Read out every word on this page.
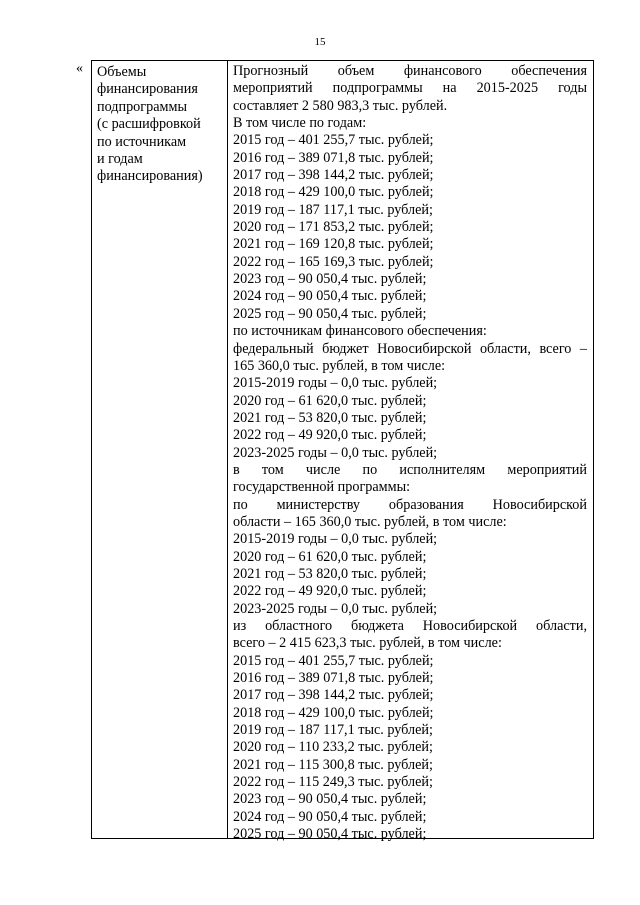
15
« Объемы
финансирования
подпрограммы
(с расшифровкой
по источникам
и годам
финансирования)
Прогнозный объем финансового обеспечения
мероприятий подпрограммы на 2015-2025 годы
составляет 2 580 983,3 тыс. рублей.
В том числе по годам:
2015 год – 401 255,7 тыс. рублей;
2016 год – 389 071,8 тыс. рублей;
2017 год – 398 144,2 тыс. рублей;
2018 год – 429 100,0 тыс. рублей;
2019 год – 187 117,1 тыс. рублей;
2020 год – 171 853,2 тыс. рублей;
2021 год – 169 120,8 тыс. рублей;
2022 год – 165 169,3 тыс. рублей;
2023 год – 90 050,4 тыс. рублей;
2024 год – 90 050,4 тыс. рублей;
2025 год – 90 050,4 тыс. рублей;
по источникам финансового обеспечения:
федеральный бюджет Новосибирской области, всего –
165 360,0 тыс. рублей, в том числе:
2015-2019 годы – 0,0 тыс. рублей;
2020 год – 61 620,0 тыс. рублей;
2021 год – 53 820,0 тыс. рублей;
2022 год – 49 920,0 тыс. рублей;
2023-2025 годы – 0,0 тыс. рублей;
в том числе по исполнителям мероприятий
государственной программы:
по министерству образования Новосибирской
области – 165 360,0 тыс. рублей, в том числе:
2015-2019 годы – 0,0 тыс. рублей;
2020 год – 61 620,0 тыс. рублей;
2021 год – 53 820,0 тыс. рублей;
2022 год – 49 920,0 тыс. рублей;
2023-2025 годы – 0,0 тыс. рублей;
из областного бюджета Новосибирской области,
всего – 2 415 623,3 тыс. рублей, в том числе:
2015 год – 401 255,7 тыс. рублей;
2016 год – 389 071,8 тыс. рублей;
2017 год – 398 144,2 тыс. рублей;
2018 год – 429 100,0 тыс. рублей;
2019 год – 187 117,1 тыс. рублей;
2020 год – 110 233,2 тыс. рублей;
2021 год – 115 300,8 тыс. рублей;
2022 год – 115 249,3 тыс. рублей;
2023 год – 90 050,4 тыс. рублей;
2024 год – 90 050,4 тыс. рублей;
2025 год – 90 050,4 тыс. рублей;
